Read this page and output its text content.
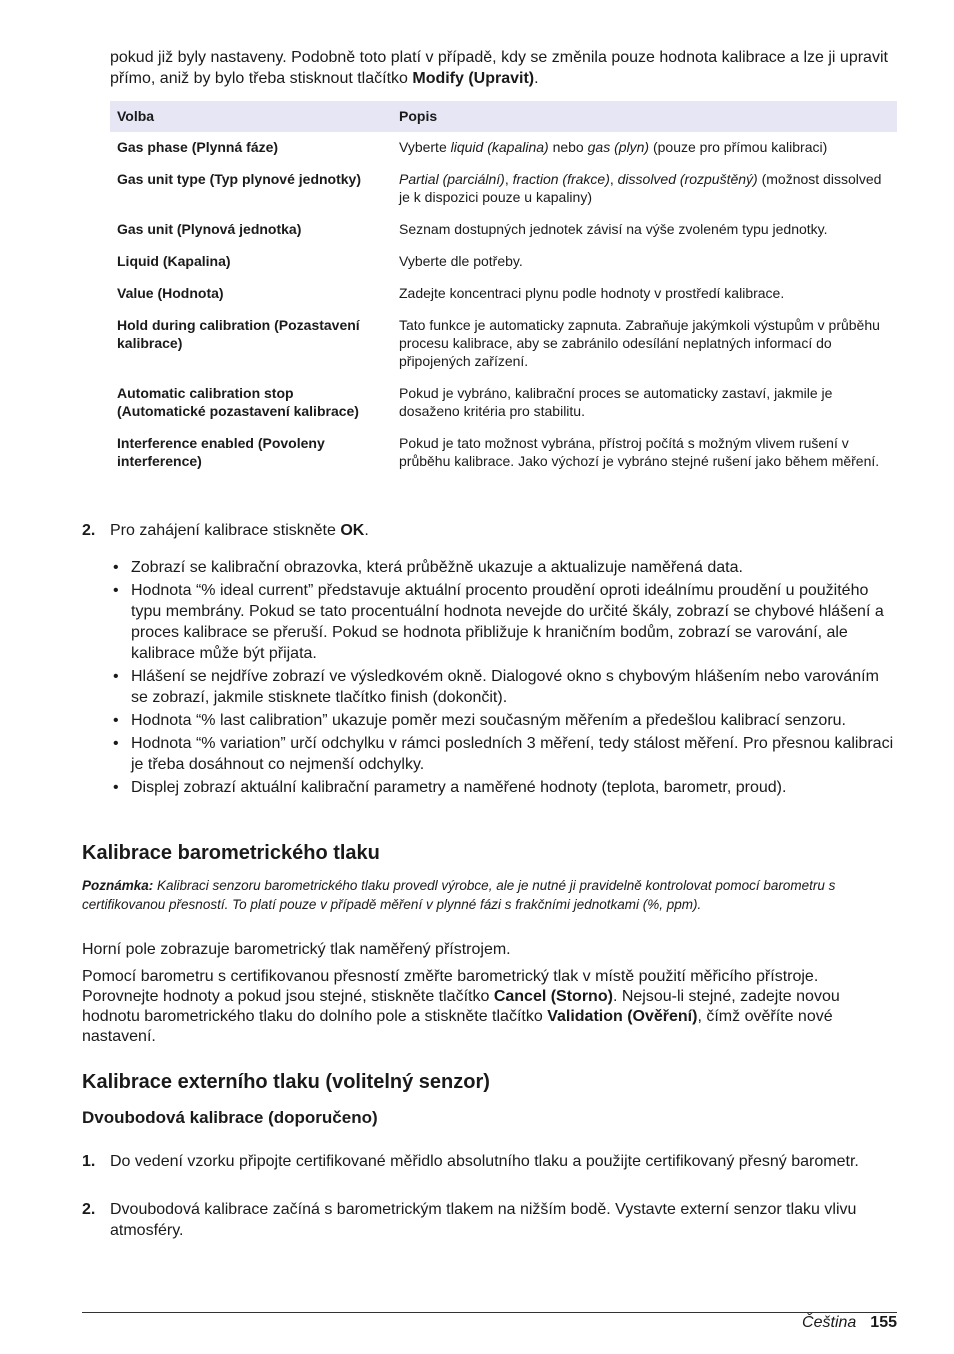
pokud již byly nastaveny. Podobně toto platí v případě, kdy se změnila pouze hodnota kalibrace a lze ji upravit přímo, aniž by bylo třeba stisknout tlačítko Modify (Upravit).
Volba	Popis
Gas phase (Plynná fáze)	Vyberte liquid (kapalina) nebo gas (plyn) (pouze pro přímou kalibraci)
Gas unit type (Typ plynové jednotky)	Partial (parciální), fraction (frakce), dissolved (rozpuštěný) (možnost dissolved je k dispozici pouze u kapaliny)
Gas unit (Plynová jednotka)	Seznam dostupných jednotek závisí na výše zvoleném typu jednotky.
Liquid (Kapalina)	Vyberte dle potřeby.
Value (Hodnota)	Zadejte koncentraci plynu podle hodnoty v prostředí kalibrace.
Hold during calibration (Pozastavení kalibrace)	Tato funkce je automaticky zapnuta. Zabraňuje jakýmkoli výstupům v průběhu procesu kalibrace, aby se zabránilo odesílání neplatných informací do připojených zařízení.
Automatic calibration stop (Automatické pozastavení kalibrace)	Pokud je vybráno, kalibrační proces se automaticky zastaví, jakmile je dosaženo kritéria pro stabilitu.
Interference enabled (Povoleny interference)	Pokud je tato možnost vybrána, přístroj počítá s možným vlivem rušení v průběhu kalibrace. Jako výchozí je vybráno stejné rušení jako během měření.
2. Pro zahájení kalibrace stiskněte OK.
• Zobrazí se kalibrační obrazovka, která průběžně ukazuje a aktualizuje naměřená data.
• Hodnota “% ideal current” představuje aktuální procento proudění oproti ideálnímu proudění u použitého typu membrány. Pokud se tato procentuální hodnota nevejde do určité škály, zobrazí se chybové hlášení a proces kalibrace se přeruší. Pokud se hodnota přibližuje k hraničním bodům, zobrazí se varování, ale kalibrace může být přijata.
• Hlášení se nejdříve zobrazí ve výsledkovém okně. Dialogové okno s chybovým hlášením nebo varováním se zobrazí, jakmile stisknete tlačítko finish (dokončit).
• Hodnota “% last calibration” ukazuje poměr mezi současným měřením a předešlou kalibrací senzoru.
• Hodnota “% variation” určí odchylku v rámci posledních 3 měření, tedy stálost měření. Pro přesnou kalibraci je třeba dosáhnout co nejmenší odchylky.
• Displej zobrazí aktuální kalibrační parametry a naměřené hodnoty (teplota, barometr, proud).
Kalibrace barometrického tlaku
Poznámka: Kalibraci senzoru barometrického tlaku provedl výrobce, ale je nutné ji pravidelně kontrolovat pomocí barometru s certifikovanou přesností. To platí pouze v případě měření v plynné fázi s frakčními jednotkami (%, ppm).
Horní pole zobrazuje barometrický tlak naměřený přístrojem.
Pomocí barometru s certifikovanou přesností změřte barometrický tlak v místě použití měřicího přístroje. Porovnejte hodnoty a pokud jsou stejné, stiskněte tlačítko Cancel (Storno). Nejsou-li stejné, zadejte novou hodnotu barometrického tlaku do dolního pole a stiskněte tlačítko Validation (Ověření), čímž ověříte nové nastavení.
Kalibrace externího tlaku (volitelný senzor)
Dvoubodová kalibrace (doporučeno)
1. Do vedení vzorku připojte certifikované měřidlo absolutního tlaku a použijte certifikovaný přesný barometr.
2. Dvoubodová kalibrace začíná s barometrickým tlakem na nižším bodě. Vystavte externí senzor tlaku vlivu atmosféry.
Čeština 155
